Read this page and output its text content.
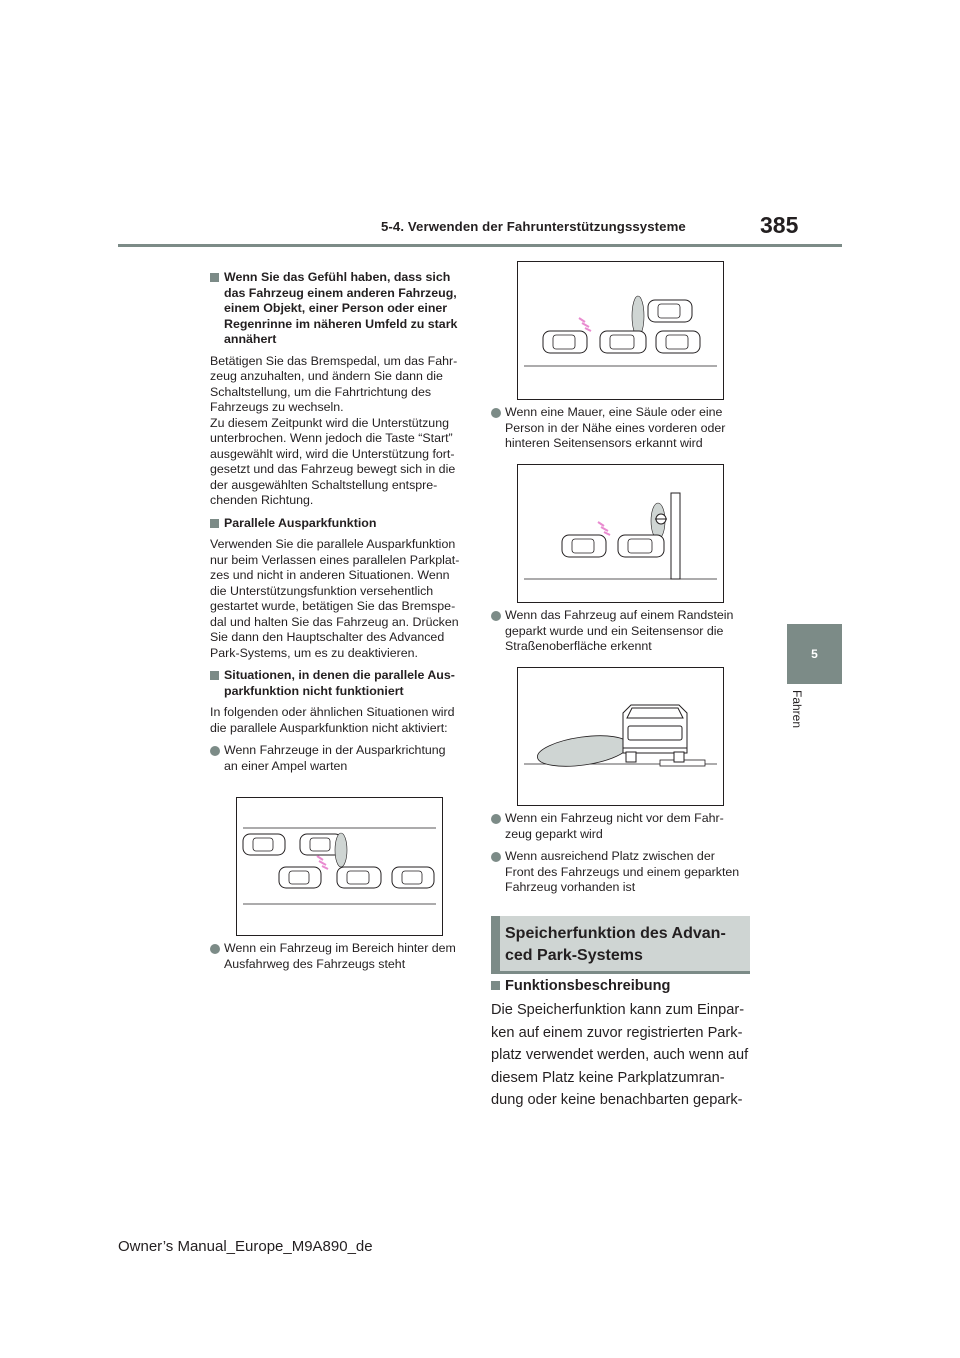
5-4. Verwenden der Fahrunterstützungssysteme	385
5
Fahren

Wenn Sie das Gefühl haben, dass sich
das Fahrzeug einem anderen Fahrzeug,
einem Objekt, einer Person oder einer
Regenrinne im näheren Umfeld zu stark
annähert

Betätigen Sie das Bremspedal, um das Fahr-
zeug anzuhalten, und ändern Sie dann die
Schaltstellung, um die Fahrtrichtung des
Fahrzeugs zu wechseln.
Zu diesem Zeitpunkt wird die Unterstützung
unterbrochen. Wenn jedoch die Taste “Start”
ausgewählt wird, wird die Unterstützung fort-
gesetzt und das Fahrzeug bewegt sich in die
der ausgewählten Schaltstellung entspre-
chenden Richtung.

Parallele Ausparkfunktion

Verwenden Sie die parallele Ausparkfunktion
nur beim Verlassen eines parallelen Parkplat-
zes und nicht in anderen Situationen. Wenn
die Unterstützungsfunktion versehentlich
gestartet wurde, betätigen Sie das Bremspe-
dal und halten Sie das Fahrzeug an. Drücken
Sie dann den Hauptschalter des Advanced
Park-Systems, um es zu deaktivieren.

Situationen, in denen die parallele Aus-
parkfunktion nicht funktioniert

In folgenden oder ähnlichen Situationen wird
die parallele Ausparkfunktion nicht aktiviert:

Wenn Fahrzeuge in der Ausparkrichtung
an einer Ampel warten

Wenn ein Fahrzeug im Bereich hinter dem
Ausfahrweg des Fahrzeugs steht

Wenn eine Mauer, eine Säule oder eine
Person in der Nähe eines vorderen oder
hinteren Seitensensors erkannt wird

Wenn das Fahrzeug auf einem Randstein
geparkt wurde und ein Seitensensor die
Straßenoberfläche erkennt

Wenn ein Fahrzeug nicht vor dem Fahr-
zeug geparkt wird

Wenn ausreichend Platz zwischen der
Front des Fahrzeugs und einem geparkten
Fahrzeug vorhanden ist

Speicherfunktion des Advan-
ced Park-Systems

Funktionsbeschreibung

Die Speicherfunktion kann zum Einpar-
ken auf einem zuvor registrierten Park-
platz verwendet werden, auch wenn auf
diesem Platz keine Parkplatzumran-
dung oder keine benachbarten gepark-

Owner’s Manual_Europe_M9A890_de
